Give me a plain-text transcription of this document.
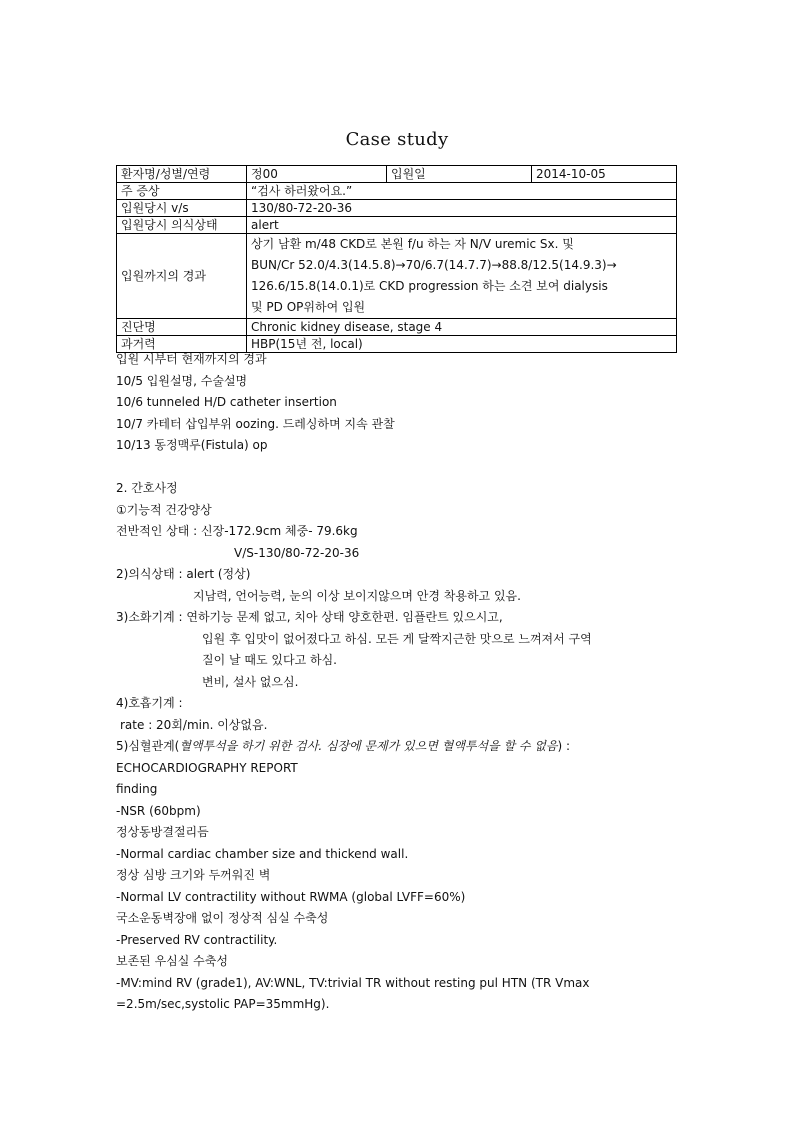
Case study
환자명/성별/연령	정00	입원일	2014-10-05
주 증상	“검사 하러왔어요.”		
입원당시 v/s	130/80-72-20-36		
입원당시 의식상태	alert		
입원까지의 경과	상기 남환 m/48 CKD로 본원 f/u 하는 자 N/V uremic Sx. 및
BUN/Cr 52.0/4.3(14.5.8)→70/6.7(14.7.7)→88.8/12.5(14.9.3)→
126.6/15.8(14.0.1)로 CKD progression 하는 소견 보여 dialysis
및 PD OP위하여 입원		

진단명	Chronic kidney disease, stage 4		
과거력	HBP(15년 전, local)		
입원 시부터 현재까지의 경과
10/5 입원설명, 수술설명
10/6 tunneled H/D catheter insertion
10/7 카테터 삽입부위 oozing. 드레싱하며 지속 관찰
10/13 동정맥루(Fistula) op
2. 간호사정
①기능적 건강양상
전반적인 상태 : 신장-172.9cm 체중- 79.6kg
V/S-130/80-72-20-36
2)의식상태 : alert (정상)
지남력, 언어능력, 눈의 이상 보이지않으며 안경 착용하고 있음.
3)소화기계 : 연하기능 문제 없고, 치아 상태 양호한편. 임플란트 있으시고,
입원 후 입맛이 없어졌다고 하심. 모든 게 달짝지근한 맛으로 느껴져서 구역
질이 날 때도 있다고 하심.
변비, 설사 없으심.
4)호흡기계 :
rate : 20회/min. 이상없음.
5)심혈관계(혈액투석을 하기 위한 검사. 심장에 문제가 있으면 혈액투석을 할 수 없음) :
ECHOCARDIOGRAPHY REPORT
finding
-NSR (60bpm)
정상동방결절리듬
-Normal cardiac chamber size and thickend wall.
정상 심방 크기와 두꺼워진 벽
-Normal LV contractility without RWMA (global LVFF=60%)
국소운동벽장애 없이 정상적 심실 수축성
-Preserved RV contractility.
보존된 우심실 수축성
-MV:mind RV (grade1), AV:WNL, TV:trivial TR without resting pul HTN (TR Vmax
=2.5m/sec,systolic PAP=35mmHg).
